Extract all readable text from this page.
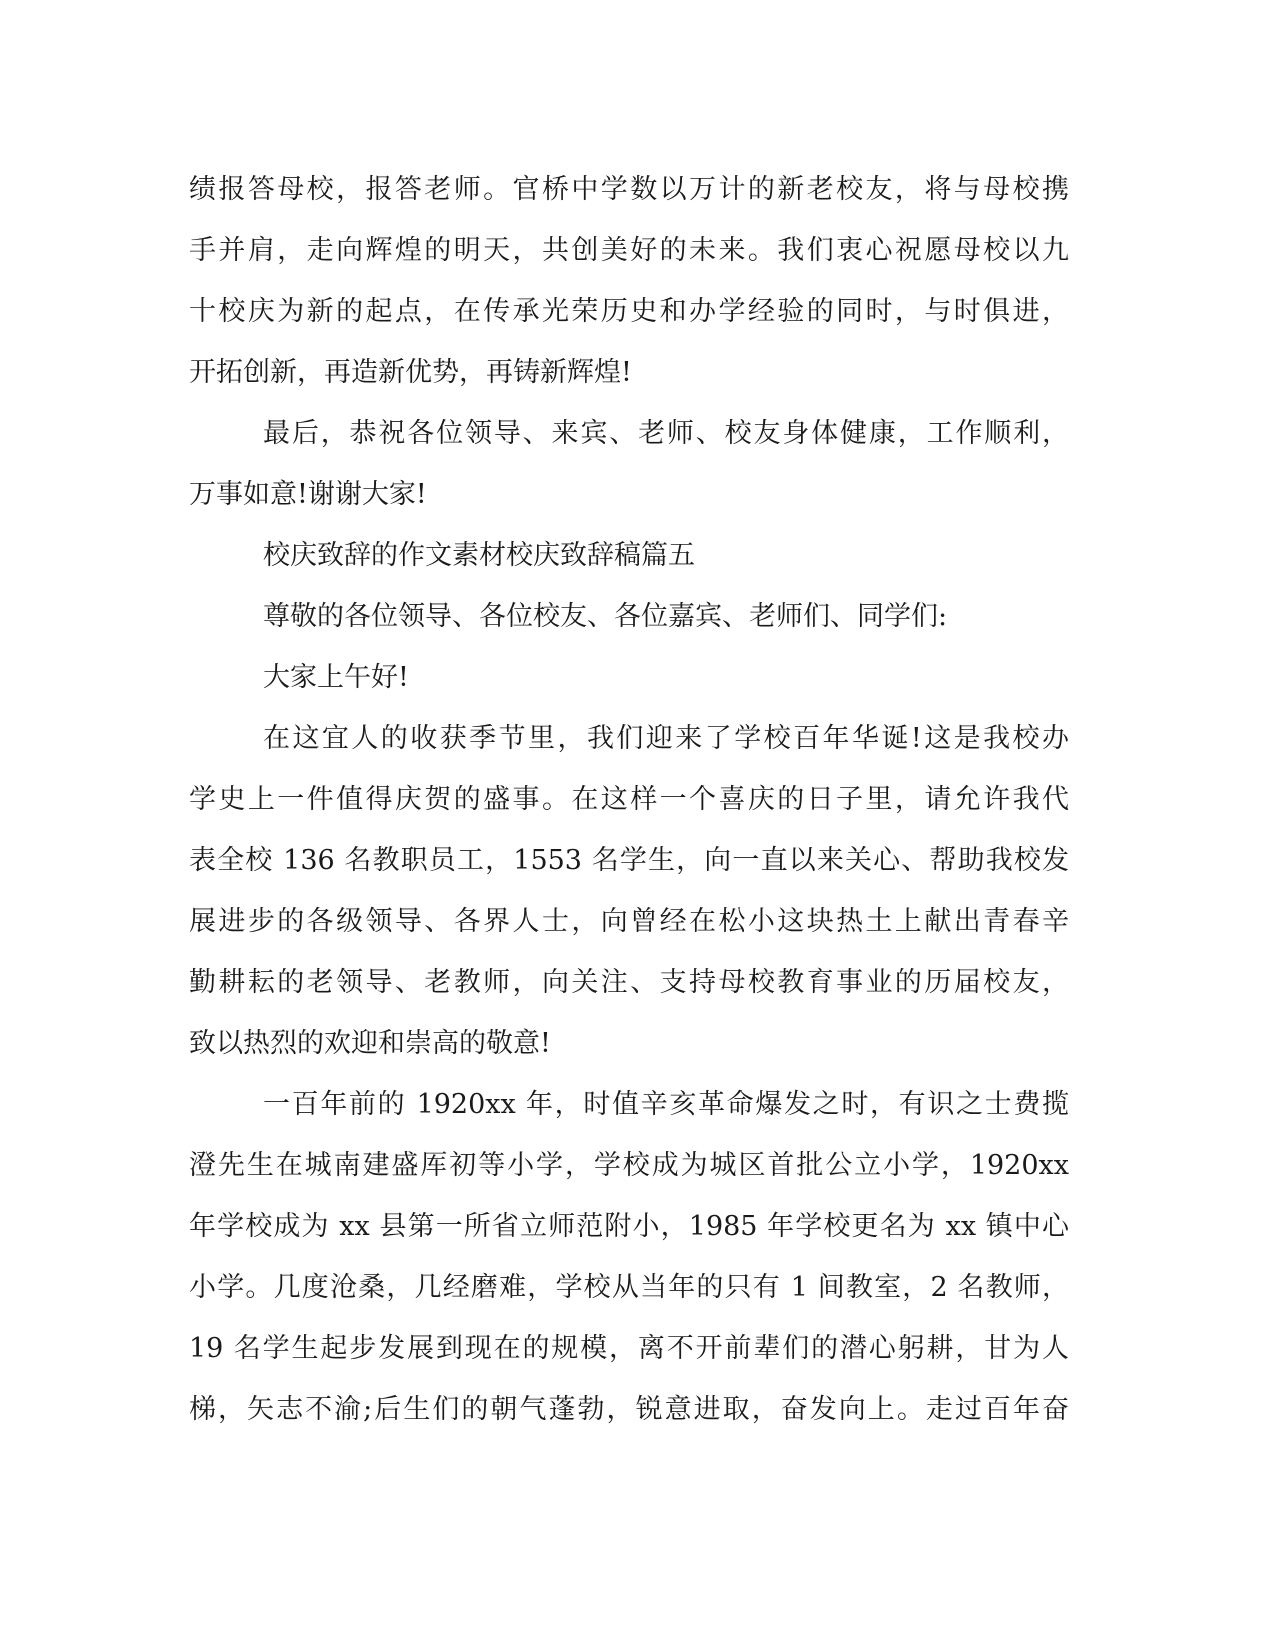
绩报答母校，报答老师。官桥中学数以万计的新老校友，将与母校携
手并肩，走向辉煌的明天，共创美好的未来。我们衷心祝愿母校以九
十校庆为新的起点，在传承光荣历史和办学经验的同时，与时俱进，
开拓创新，再造新优势，再铸新辉煌!
最后，恭祝各位领导、来宾、老师、校友身体健康，工作顺利，
万事如意!谢谢大家!
校庆致辞的作文素材校庆致辞稿篇五
尊敬的各位领导、各位校友、各位嘉宾、老师们、同学们:
大家上午好!
在这宜人的收获季节里，我们迎来了学校百年华诞!这是我校办
学史上一件值得庆贺的盛事。在这样一个喜庆的日子里，请允许我代
表全校 136 名教职员工，1553 名学生，向一直以来关心、帮助我校发
展进步的各级领导、各界人士，向曾经在松小这块热土上献出青春辛
勤耕耘的老领导、老教师，向关注、支持母校教育事业的历届校友，
致以热烈的欢迎和崇高的敬意!
一百年前的 1920xx 年，时值辛亥革命爆发之时，有识之士费揽
澄先生在城南建盛厍初等小学，学校成为城区首批公立小学，1920xx
年学校成为 xx 县第一所省立师范附小，1985 年学校更名为 xx 镇中心
小学。几度沧桑，几经磨难，学校从当年的只有 1 间教室，2 名教师，
19 名学生起步发展到现在的规模，离不开前辈们的潜心躬耕，甘为人
梯，矢志不渝;后生们的朝气蓬勃，锐意进取，奋发向上。走过百年奋
